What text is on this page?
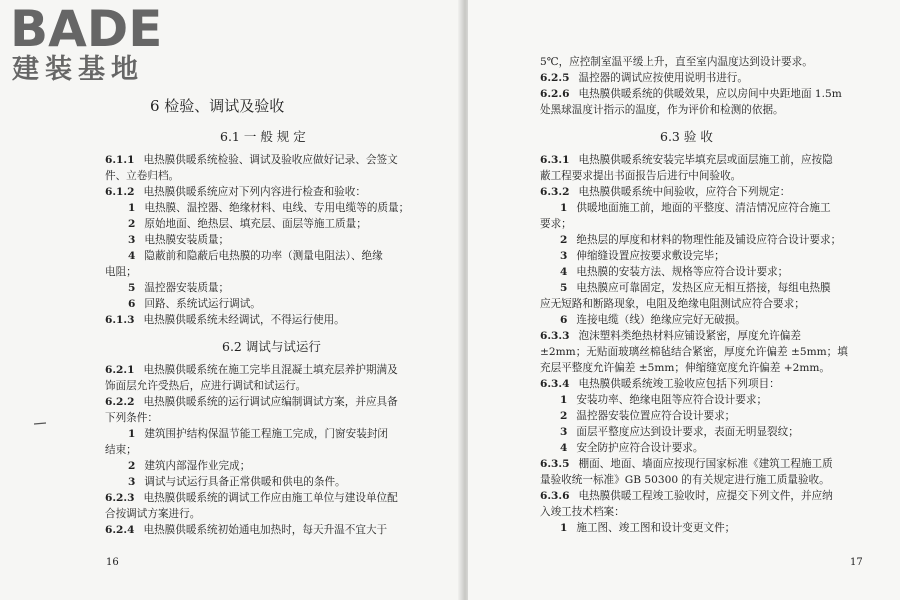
BADE
建装基地
6 检验、调试及验收
6.1 一 般 规 定
6.2 调试与试运行
6.1.1 电热膜供暖系统检验、调试及验收应做好记录、会签文
件、立卷归档。
6.1.2 电热膜供暖系统应对下列内容进行检查和验收：
1 电热膜、温控器、绝缘材料、电线、专用电缆等的质量；
2 原始地面、绝热层、填充层、面层等施工质量；
3 电热膜安装质量；
4 隐蔽前和隐蔽后电热膜的功率（测量电阻法）、绝缘
电阻；
5 温控器安装质量；
6 回路、系统试运行调试。
6.1.3 电热膜供暖系统未经调试，不得运行使用。
6.2.1 电热膜供暖系统在施工完毕且混凝土填充层养护期满及
饰面层允许受热后，应进行调试和试运行。
6.2.2 电热膜供暖系统的运行调试应编制调试方案，并应具备
下列条件：
1 建筑围护结构保温节能工程施工完成，门窗安装封闭
结束；
2 建筑内部湿作业完成；
3 调试与试运行具备正常供暖和供电的条件。
6.2.3 电热膜供暖系统的调试工作应由施工单位与建设单位配
合按调试方案进行。
6.2.4 电热膜供暖系统初始通电加热时，每天升温不宜大于
16
5℃，应控制室温平缓上升，直至室内温度达到设计要求。
6.2.5 温控器的调试应按使用说明书进行。
6.2.6 电热膜供暖系统的供暖效果，应以房间中央距地面 1.5m
处黑球温度计指示的温度，作为评价和检测的依据。
6.3 验 收
6.3.1 电热膜供暖系统安装完毕填充层或面层施工前，应按隐
蔽工程要求提出书面报告后进行中间验收。
6.3.2 电热膜供暖系统中间验收，应符合下列规定：
1 供暖地面施工前，地面的平整度、清洁情况应符合施工
要求；
2 绝热层的厚度和材料的物理性能及铺设应符合设计要求；
3 伸缩缝设置应按要求敷设完毕；
4 电热膜的安装方法、规格等应符合设计要求；
5 电热膜应可靠固定，发热区应无相互搭接，每组电热膜
应无短路和断路现象，电阻及绝缘电阻测试应符合要求；
6 连接电缆（线）绝缘应完好无破损。
6.3.3 泡沫塑料类绝热材料应铺设紧密，厚度允许偏差
±2mm；无贴面玻璃丝棉毡结合紧密，厚度允许偏差 ±5mm；填
充层平整度允许偏差 ±5mm；伸缩缝宽度允许偏差 +2mm。
6.3.4 电热膜供暖系统竣工验收应包括下列项目：
1 安装功率、绝缘电阻等应符合设计要求；
2 温控器安装位置应符合设计要求；
3 面层平整度应达到设计要求，表面无明显裂纹；
4 安全防护应符合设计要求。
6.3.5 棚面、地面、墙面应按现行国家标准《建筑工程施工质
量验收统一标准》GB 50300 的有关规定进行施工质量验收。
6.3.6 电热膜供暖工程竣工验收时，应提交下列文件，并应纳
入竣工技术档案：
1 施工图、竣工图和设计变更文件；
17
